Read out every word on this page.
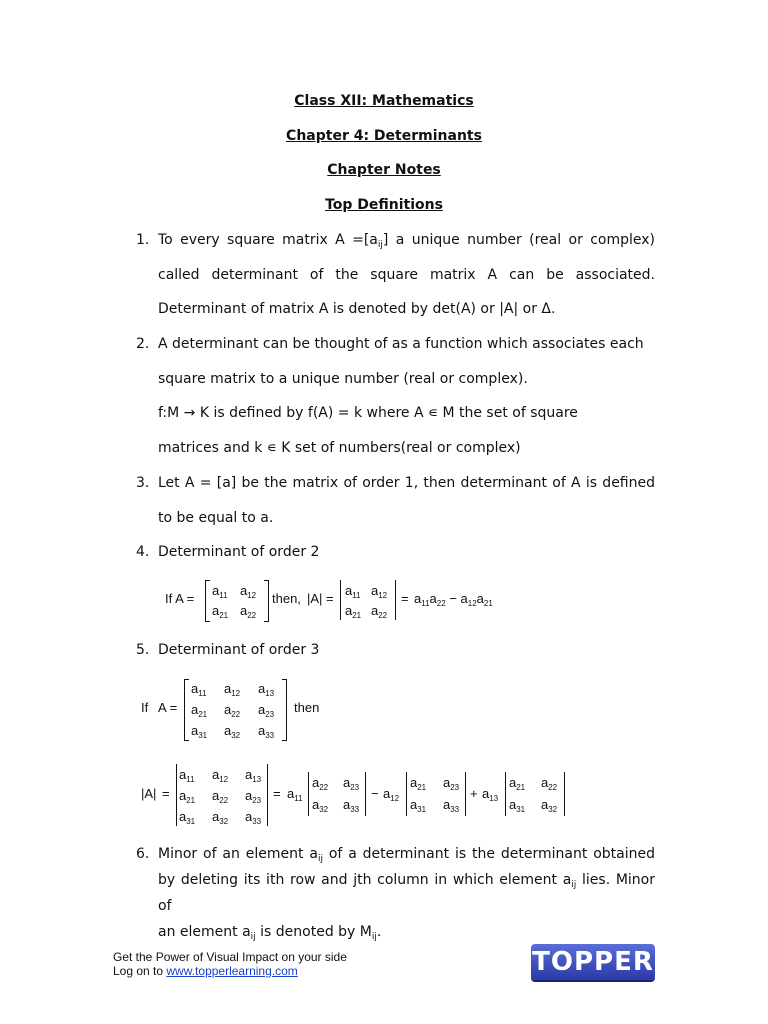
Class XII: Mathematics
Chapter 4: Determinants
Chapter Notes
Top Definitions
1. To every square matrix $A =[a_{ij}]$ a unique number (real or complex)
called determinant of the square matrix A can be associated.
Determinant of matrix A is denoted by det(A) or |A| or Δ.
2. A determinant can be thought of as a function which associates each
square matrix to a unique number (real or complex).
f:M → K is defined by f(A) = k where A ∊ M the set of square
matrices and k ∊ K set of numbers(real or complex)
3. Let A = [a] be the matrix of order 1, then determinant of A is defined
to be equal to a.
4. Determinant of order 2
If A =
$a_{11}$ $a_{12}$
$a_{21}$ $a_{22}$
then, |A| =
$a_{11}$ $a_{12}$
$a_{21}$ $a_{22}$
= $a_{11}a_{22} - a_{12}a_{21}$
5. Determinant of order 3
If A =
$a_{11}$ $a_{12}$ $a_{13}$
$a_{21}$ $a_{22}$ $a_{23}$
$a_{31}$ $a_{32}$ $a_{33}$
then
|A| =
$a_{11}$ $a_{12}$ $a_{13}$
$a_{21}$ $a_{22}$ $a_{23}$
$a_{31}$ $a_{32}$ $a_{33}$
= $a_{11}$
$a_{22}$ $a_{23}$
$a_{32}$ $a_{33}$
− $a_{12}$
$a_{21}$ $a_{23}$
$a_{31}$ $a_{33}$
+ $a_{13}$
$a_{21}$ $a_{22}$
$a_{31}$ $a_{32}$
6. Minor of an element $a_{ij}$ of a determinant is the determinant obtained
by deleting its ith row and jth column in which element $a_{ij}$ lies. Minor of
an element $a_{ij}$ is denoted by $M_{ij}$.
Get the Power of Visual Impact on your side
Log on to www.topperlearning.com	TOPPER
